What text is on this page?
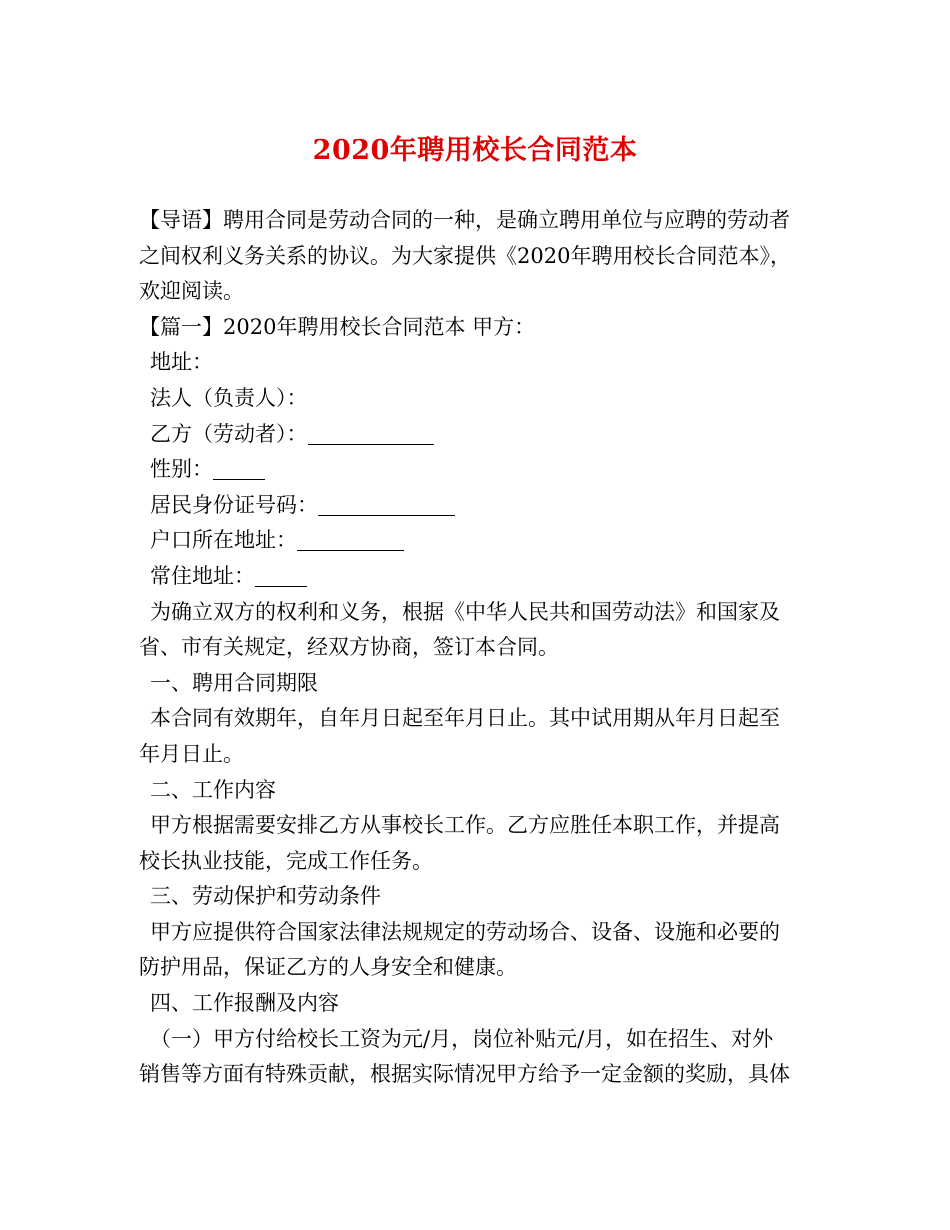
2020年聘用校长合同范本
【导语】聘用合同是劳动合同的一种，是确立聘用单位与应聘的劳动者
之间权利义务关系的协议。为大家提供《2020年聘用校长合同范本》，
欢迎阅读。
【篇一】2020年聘用校长合同范本 甲方：
地址：
法人（负责人）：
乙方（劳动者）：
性别：
居民身份证号码：
户口所在地址：
常住地址：
为确立双方的权利和义务，根据《中华人民共和国劳动法》和国家及
省、市有关规定，经双方协商，签订本合同。
一、聘用合同期限
本合同有效期年，自年月日起至年月日止。其中试用期从年月日起至
年月日止。
二、工作内容
甲方根据需要安排乙方从事校长工作。乙方应胜任本职工作，并提高
校长执业技能，完成工作任务。
三、劳动保护和劳动条件
甲方应提供符合国家法律法规规定的劳动场合、设备、设施和必要的
防护用品，保证乙方的人身安全和健康。
四、工作报酬及内容
（一）甲方付给校长工资为元/月，岗位补贴元/月，如在招生、对外
销售等方面有特殊贡献，根据实际情况甲方给予一定金额的奖励，具体
